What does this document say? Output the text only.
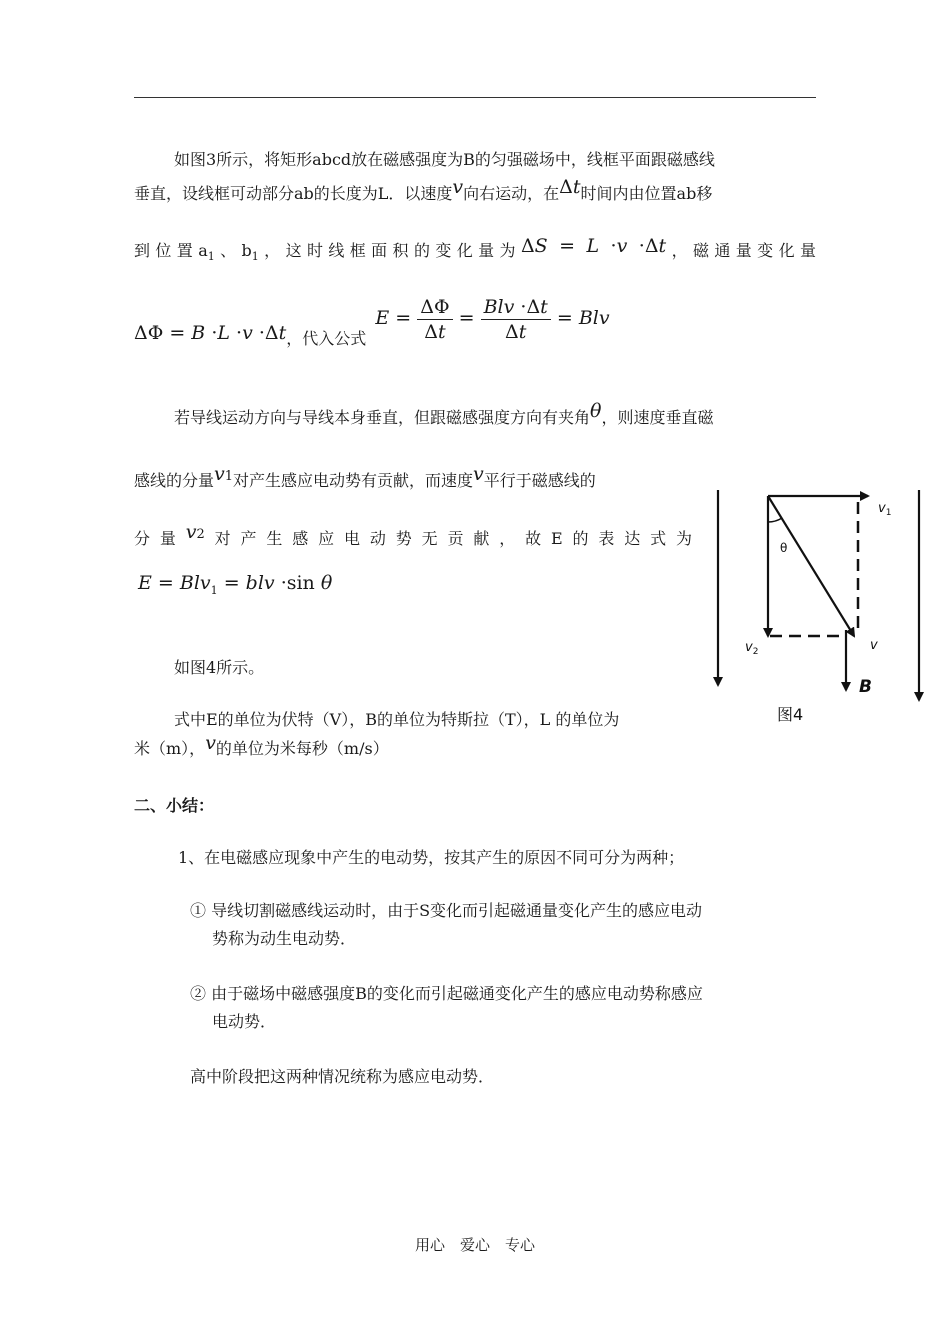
如图3所示，将矩形abcd放在磁感强度为B的匀强磁场中，线框平面跟磁感线
垂直，设线框可动部分ab的长度为L．以速度v向右运动，在Δt时间内由位置ab移
到位置$a_1$、$b_1$，这时线框面积的变化量为ΔS = L ·v ·Δt，磁通量变化量
ΔΦ = B ·L ·v ·Δt，代入公式 $E = \frac{\Delta\Phi}{\Delta t} = \frac{\text{Blv ·Δt}}{\Delta t}$ = Blv
若导线运动方向与导线本身垂直，但跟磁感强度方向有夹角θ，则速度垂直磁
感线的分量v1对产生感应电动势有贡献，而速度v平行于磁感线的
分量v2对产生感应电动势无贡献，故E的表达式为
E = Blv$_1$ = blv ·sin θ
如图4所示。
式中E的单位为伏特（V），B的单位为特斯拉（T），L 的单位为
米（m），v的单位为米每秒（m/s）
二、小结：
1、在电磁感应现象中产生的电动势，按其产生的原因不同可分为两种；
① 导线切割磁感线运动时，由于S变化而引起磁通量变化产生的感应电动
势称为动生电动势．
② 由于磁场中磁感强度B的变化而引起磁通变化产生的感应电动势称感应
电动势．
高中阶段把这两种情况统称为感应电动势．
θ
$v_1$
$v_2$	v
B
图4
用心　爱心　专心
